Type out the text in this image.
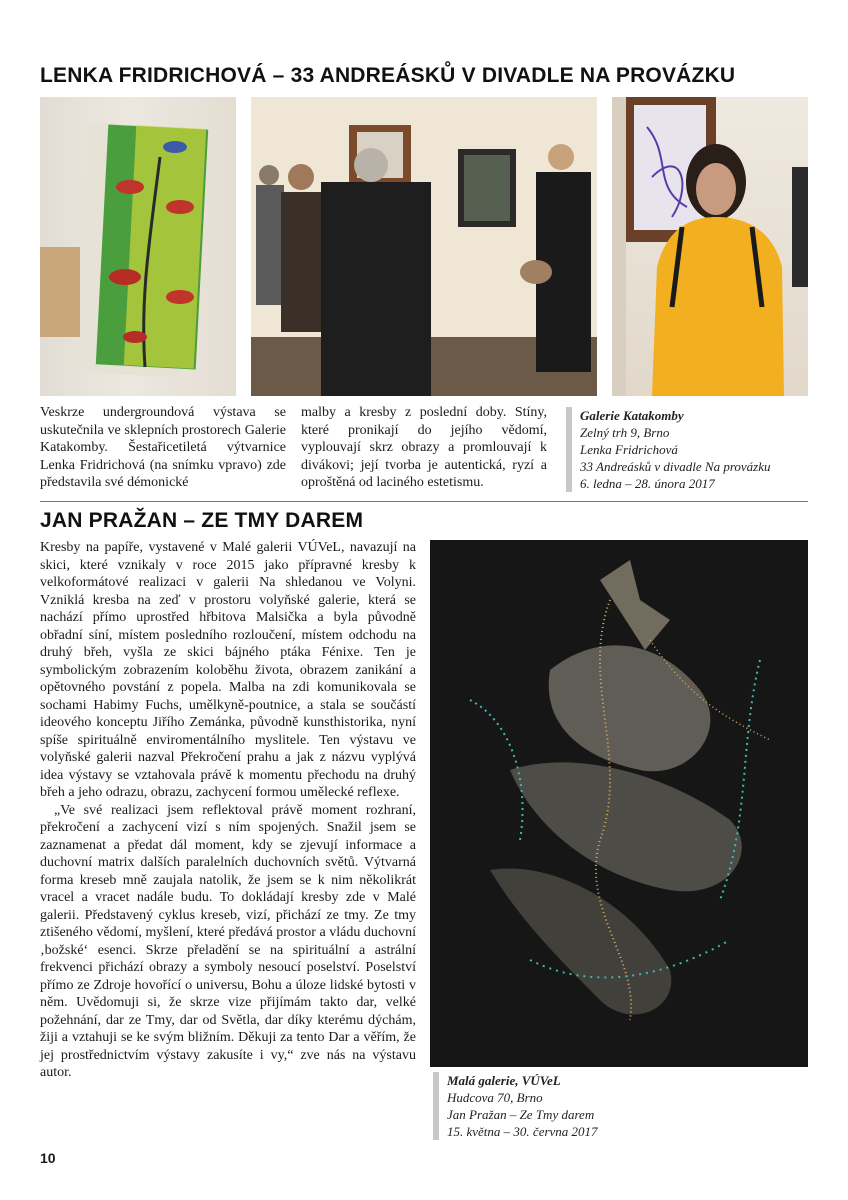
LENKA FRIDRICHOVÁ – 33 ANDREÁSKŮ V DIVADLE NA PROVÁZKU

Veskrze undergroundová výstava se uskutečnila ve sklepních prostorech Galerie Katakomby. Šestařicetiletá výtvarnice Lenka Fridrichová (na snímku vpravo) zde představila své démonické

malby a kresby z poslední doby. Stíny, které pronikají do jejího vědomí, vyplouvají skrz obrazy a promlouvají k divákovi; její tvorba je autentická, ryzí a oproštěná od laciného estetismu.

Galerie Katakomby
Zelný trh 9, Brno
Lenka Fridrichová
33 Andreásků v divadle Na provázku
6. ledna – 28. února 2017
JAN PRAŽAN – ZE TMY DAREM

Kresby na papíře, vystavené v Malé galerii VÚVeL, navazují na skici, které vznikaly v roce 2015 jako přípravné kresby k velkoformátové realizaci v galerii Na shledanou ve Volyni. Vzniklá kresba na zeď v prostoru volyňské galerie, která se nachází přímo uprostřed hřbitova Malsička a byla původně obřadní síní, místem posledního rozloučení, místem odchodu na druhý břeh, vyšla ze skici bájného ptáka Fénixe. Ten je symbolickým zobrazením koloběhu života, obrazem zanikání a opětovného povstání z popela. Malba na zdi komunikovala se sochami Habimy Fuchs, umělkyně-poutnice, a stala se součástí ideového konceptu Jiřího Zemánka, původně kunsthistorika, nyní spíše spirituálně enviromentálního myslitele. Ten výstavu ve volyňské galerii nazval Překročení prahu a jak z názvu vyplývá idea výstavy se vztahovala právě k momentu přechodu na druhý břeh a jeho odrazu, obrazu, zachycení formou umělecké reflexe.

„Ve své realizaci jsem reflektoval právě moment rozhraní, překročení a zachycení vizí s ním spojených. Snažil jsem se zaznamenat a předat dál moment, kdy se zjevují informace a duchovní matrix dalších paralelních duchovních světů. Výtvarná forma kreseb mně zaujala natolik, že jsem se k nim několikrát vracel a vracet nadále budu. To dokládají kresby zde v Malé galerii. Představený cyklus kreseb, vizí, přichází ze tmy. Ze tmy ztišeného vědomí, myšlení, které předává prostor a vládu duchovní ‚božské‘ esenci. Skrze přeladění se na spirituální a astrální frekvenci přichází obrazy a symboly nesoucí poselství. Poselství přímo ze Zdroje hovořící o universu, Bohu a úloze lidské bytosti v něm. Uvědomuji si, že skrze vize přijímám takto dar, velké požehnání, dar ze Tmy, dar od Světla, dar díky kterému dýchám, žiji a vztahuji se ke svým bližním. Děkuji za tento Dar a věřím, že jej prostřednictvím výstavy zakusíte i vy,“ zve nás na výstavu autor.

Malá galerie, VÚVeL
Hudcova 70, Brno
Jan Pražan – Ze Tmy darem
15. května – 30. června 2017

10
